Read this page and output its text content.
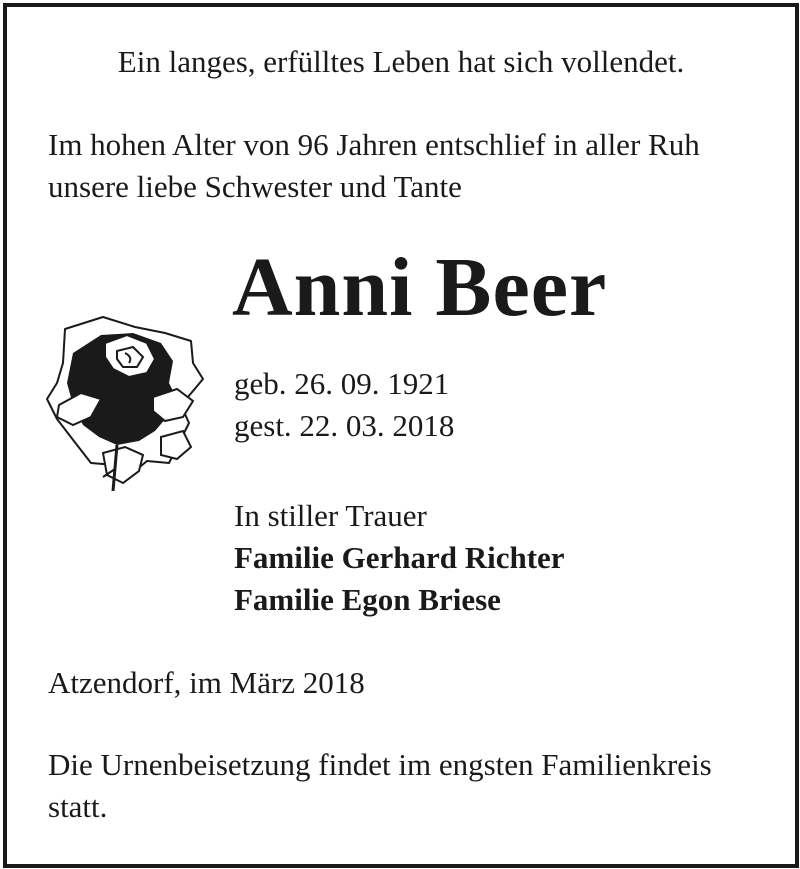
Ein langes, erfülltes Leben hat sich vollendet.
Im hohen Alter von 96 Jahren entschlief in aller Ruh unsere liebe Schwester und Tante
Anni Beer
geb. 26. 09. 1921
gest. 22. 03. 2018
In stiller Trauer
Familie Gerhard Richter
Familie Egon Briese
Atzendorf, im März 2018
Die Urnenbeisetzung findet im engsten Familienkreis statt.
